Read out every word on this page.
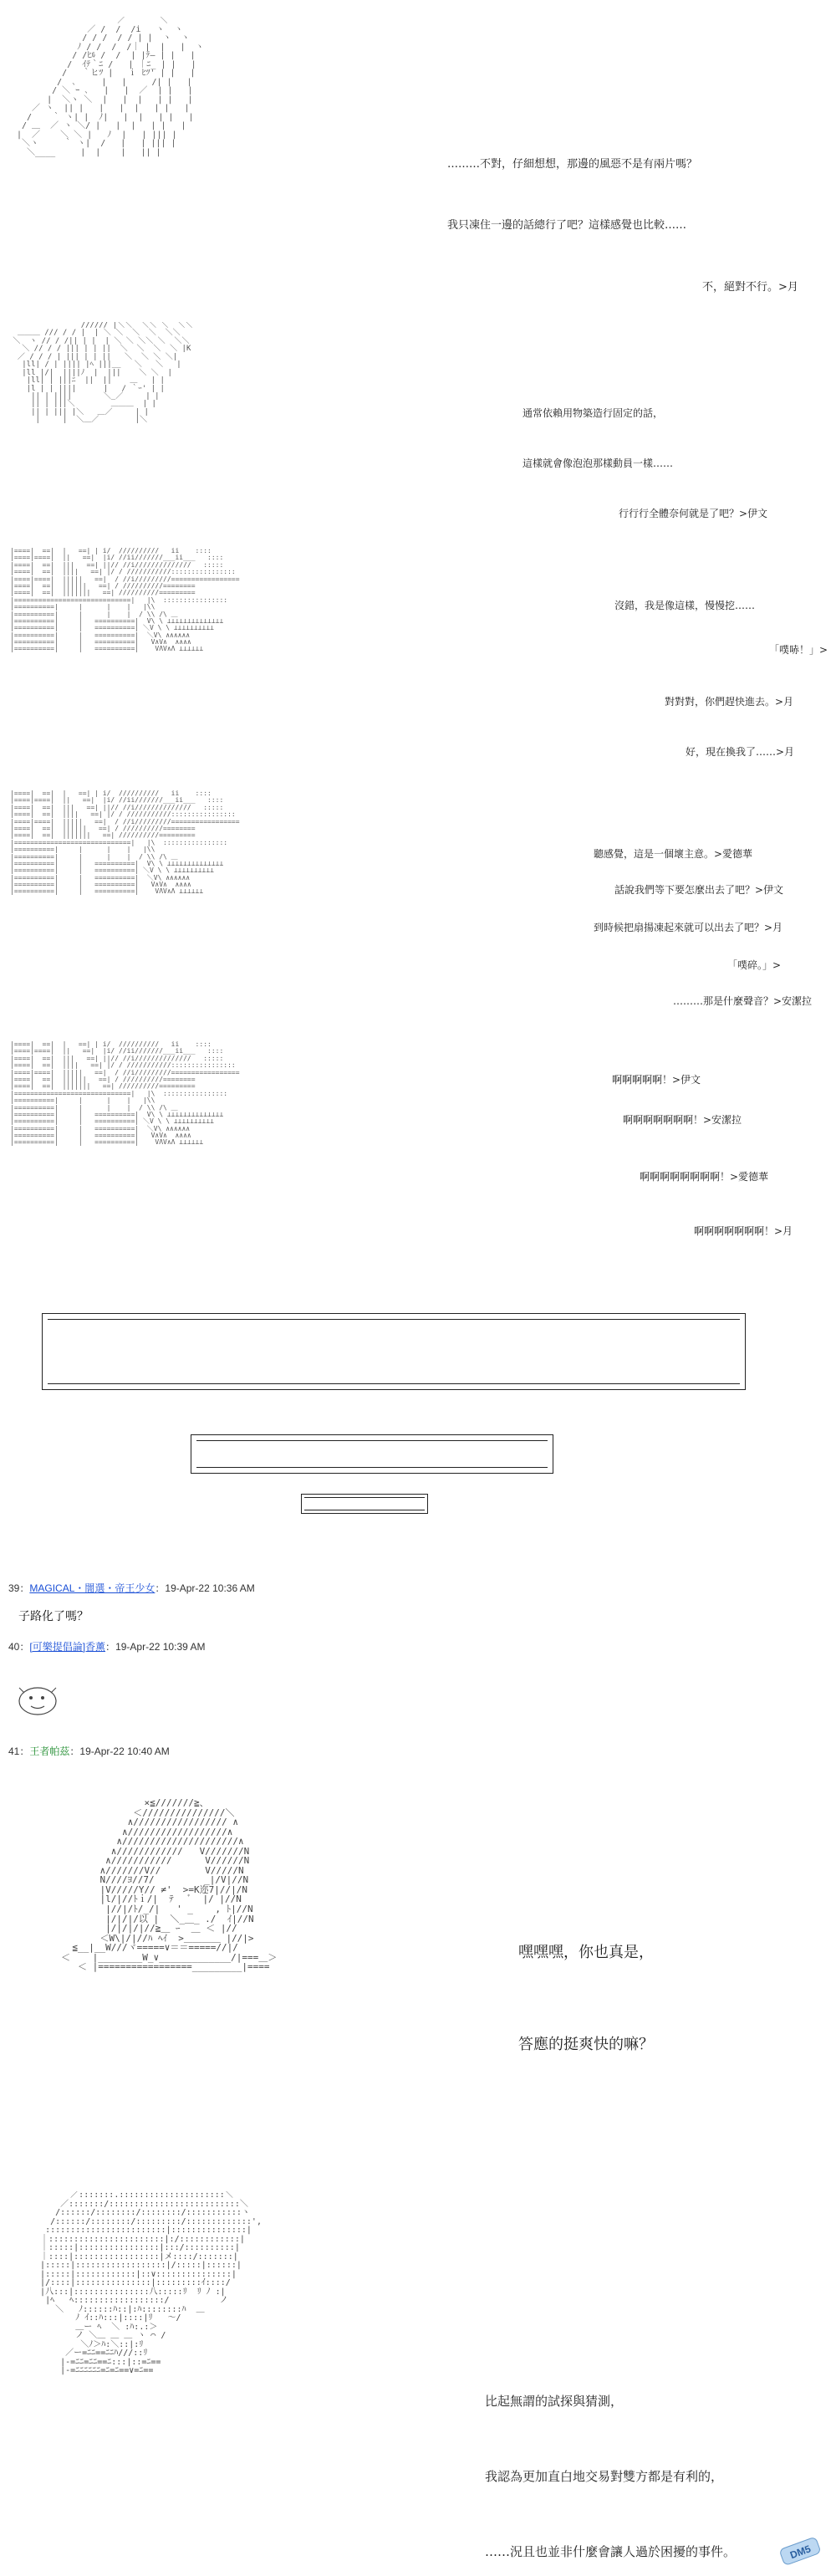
／￣￣￣￣＼
／ /  /  /i   ヽ  ヽ
/ / /  / / | |  ヽ  ヽ
ﾉ / /  /  /｜ |  |   |  ヽ
/ /ﾋﾙ /  /  | |ﾃ― | |   |
/  ｲﾃ｀ﾆ /   | ｜ﾆ_ | |   |
/   ｀ヒﾂ |   ｉ ﾋﾂ' | |   |
/  ､     |   |     /| |   |
/ ＼ ｰ ､   |   |  ／  | |   |
|  ＼ヽ ＼  |   |  |   | |   |
／ ヽ  || |   |   |  |   | |   |
/    ｀ ヽ| |  ﾉ|   |  |   | |   |
/ ＿  ／ ヽ ＼/ |   |  |   | |   |
|  ／    ＼ ＼ |   ﾉ  |   | ||| |
＼ヽ     ｀ ヽ|  /   |   | ||| |
＼____     |  |    |   || |

………不對，仔細想想，那邊的風惡不是有兩片嗎？
我只凍住一邊的話總行了吧？這樣感覺也比較……
不，絕對不行。>月
////// |＼＼  ＼＼ ＼  ＼＼
＿＿＿ /// / / |  | ＼ ＼  ＼  ＼  ＼＼
＼  ヽ // / /|| | |  | ＼ ＼ ＼＼ ＼  ＼＼
＼ // / / ||| | | ||  ＼  ＼  ＼  ＼ |K
／ / / / | ||| | | ||   ＼  ＼ ＼ ＼|
|ll| / | |||| |ﾍ |||__   ＼   ＼   |
|ll |/|  ||||ﾉ  |  |||    ＼ ＼  |
|ll| | |||ﾆ  ||  ||    ＿   | |
|l | | ||||      |   / ｀ｰ' | |
|| | ||||       ＼_／     | |
|| | |||＼        ＿＿＿  | |
|| | ||| |＼   ＿／     | |
|     |  ＼＿／        |＼

通常依賴用物築造行固定的話，
這樣就會像泡泡那樣動員一樣……
行行行全體奈何就是了吧？>伊文
|====|  ==|  |   ==| | i/  //////////   ii    ::::
|====|====|  ||   ==|  |i/ //ii///////___ii___   ::::
|====|  ==|  |||   ==| ||// //i//////////////   :::::
|====|  ==|  ||||   ==| |/ / ///////////::::::::::::::::
|====|====|  |||||   ==|  / //i/////////=================
|====|  ==|  ||||||   ==| / //////////========
|====|  ==|  |||||||   ==| //////////=========
|=============================|   |\  ::::::::::::::::
|==========|     |      |    |   |\\
|==========|     |      |    |  / \\ /\ ＿
|==========|     |   ==========|  V\ \ ⊥⊥⊥⊥⊥⊥⊥⊥⊥⊥⊥⊥⊥⊥
|==========|     |   ==========| ＼V \ \ ⊥⊥⊥⊥⊥⊥⊥⊥⊥⊥
|==========|     |   ==========|  ＼V\ ∧∧∧∧∧∧
|==========|     |   ==========|   V∧V∧  ∧∧∧∧
|==========|     |   ==========|    VΛV∧Λ ⊥⊥⊥⊥⊥⊥

沒錯，我是像這樣，慢慢挖……
「噗哧！」>
對對對，你們趕快進去。>月
好，現在換我了……>月
|====|  ==|  |   ==| | i/  //////////   ii    ::::
|====|====|  ||   ==|  |i/ //ii///////___ii___   ::::
|====|  ==|  |||   ==| ||// //i//////////////   :::::
|====|  ==|  ||||   ==| |/ / ///////////::::::::::::::::
|====|====|  |||||   ==|  / //i/////////=================
|====|  ==|  ||||||   ==| / //////////========
|====|  ==|  |||||||   ==| //////////=========
|=============================|   |\  ::::::::::::::::
|==========|     |      |    |   |\\
|==========|     |      |    |  / \\ /\ ＿
|==========|     |   ==========|  V\ \ ⊥⊥⊥⊥⊥⊥⊥⊥⊥⊥⊥⊥⊥⊥
|==========|     |   ==========| ＼V \ \ ⊥⊥⊥⊥⊥⊥⊥⊥⊥⊥
|==========|     |   ==========|  ＼V\ ∧∧∧∧∧∧
|==========|     |   ==========|   V∧V∧  ∧∧∧∧
|==========|     |   ==========|    VΛV∧Λ ⊥⊥⊥⊥⊥⊥

聽感覺，這是一個壞主意。>愛德華
話說我們等下要怎麼出去了吧？>伊文
到時候把扇揚凍起來就可以出去了吧？>月
「噗碎。」>
………那是什麼聲音？>安潔拉
|====|  ==|  |   ==| | i/  //////////   ii    ::::
|====|====|  ||   ==|  |i/ //ii///////___ii___   ::::
|====|  ==|  |||   ==| ||// //i//////////////   :::::
|====|  ==|  ||||   ==| |/ / ///////////::::::::::::::::
|====|====|  |||||   ==|  / //i/////////=================
|====|  ==|  ||||||   ==| / //////////========
|====|  ==|  |||||||   ==| //////////=========
|=============================|   |\  ::::::::::::::::
|==========|     |      |    |   |\\
|==========|     |      |    |  / \\ /\ ＿
|==========|     |   ==========|  V\ \ ⊥⊥⊥⊥⊥⊥⊥⊥⊥⊥⊥⊥⊥⊥
|==========|     |   ==========| ＼V \ \ ⊥⊥⊥⊥⊥⊥⊥⊥⊥⊥
|==========|     |   ==========|  ＼V\ ∧∧∧∧∧∧
|==========|     |   ==========|   V∧V∧  ∧∧∧∧
|==========|     |   ==========|    VΛV∧Λ ⊥⊥⊥⊥⊥⊥

啊啊啊啊啊！>伊文
啊啊啊啊啊啊啊！>安潔拉
啊啊啊啊啊啊啊啊！>愛德華
啊啊啊啊啊啊啊！>月
39：MAGICAL・闇選・帝王少女：19-Apr-22 10:36 AM
子路化了嗎？
40：[可樂提倡論]香薰：19-Apr-22 10:39 AM
41：王者帕茲：19-Apr-22 10:40 AM
×≦///////≧、
＜///////////////＼
∧///////////////// ∧
∧//////////////////∧
∧/////////////////////∧
∧////////////   V///////N
∧///////////      V//////N
∧///////V//        V/////N
N////ﾖ//7/         _|/V|//N
|V/////Y// ≠'  >=K迩7|//|/N
|l/|//ﾄｉ/|  ﾃ   ﾞ  |/ |//N
|//|/ﾄ/_/|   ' _    , ﾄ|//N
|/|/|/以 |  ＼_＿_ ./  ｲ|//N
|/|/|/|//≧＿ ｰ  ＿ ＜ |//
＜W\|/|//ﾊ ﾍｲ  >＿＿＿＿ |//|>
≦__|__W///ヾ=====∨＝＝=====//|/
＜    |________W_∨_____________/|===＿＞
＜ |=================_________|====

嘿嘿嘿，你也真是，
答應的挺爽快的嘛？
／:::::::.:::::::::::::::::::::＼
／:::::::/::::::::::::::::::::::::::＼
/::::::/::::::::/::::::::/:::::::::::ヽ
/::::::/::::::::/:::::::::/:::::::::::::',
::::::::::::::::::::::::|:::::::::::::::|
｜:::::::::::::::::::::::|:/::::::::::::|
｜:::::|::::::::::::::::|:::/::::::::::|
｜::::|:::::::::::::::::|メ::::/:::::::|
|:::::|::::::::::::::::::|/:::::|::::::|
|:::::|::::::::::::|::∨:::::::::::::::|
|/::::|:::::::::::::::|:::::::::ｲ::::/
|八:::|:::::::::::::::八:::::ﾘ  ﾘ ﾉ :|
|ﾍ   ﾍ::::::::::::::::::/          ノ
＼   ﾉ::::::ﾊ::|:ﾊ::::::::ﾊ  ＿
ﾉ ｲ::ﾊ:::|::::|ﾘ   ～/
＿ー ﾍ  ＼ :ﾊ:.:＞
ノ ＼＿ ＿ ＿ ヽ ⌒ /
＼ﾉ＞ﾊ:＼::|:ﾘ
／ー=ﾆﾆ==ﾆﾆﾊ///::ﾘ
|-=ﾆﾆ=ﾆﾆ==ﾆ:::|::=ﾆ==
|-=ﾆﾆﾆﾆﾆﾆ=ﾆ=ﾆ==∨=ﾆ==

比起無謂的試探與猜測，
我認為更加直白地交易對雙方都是有利的，
……況且也並非什麼會讓人過於困擾的事件。	DM5
